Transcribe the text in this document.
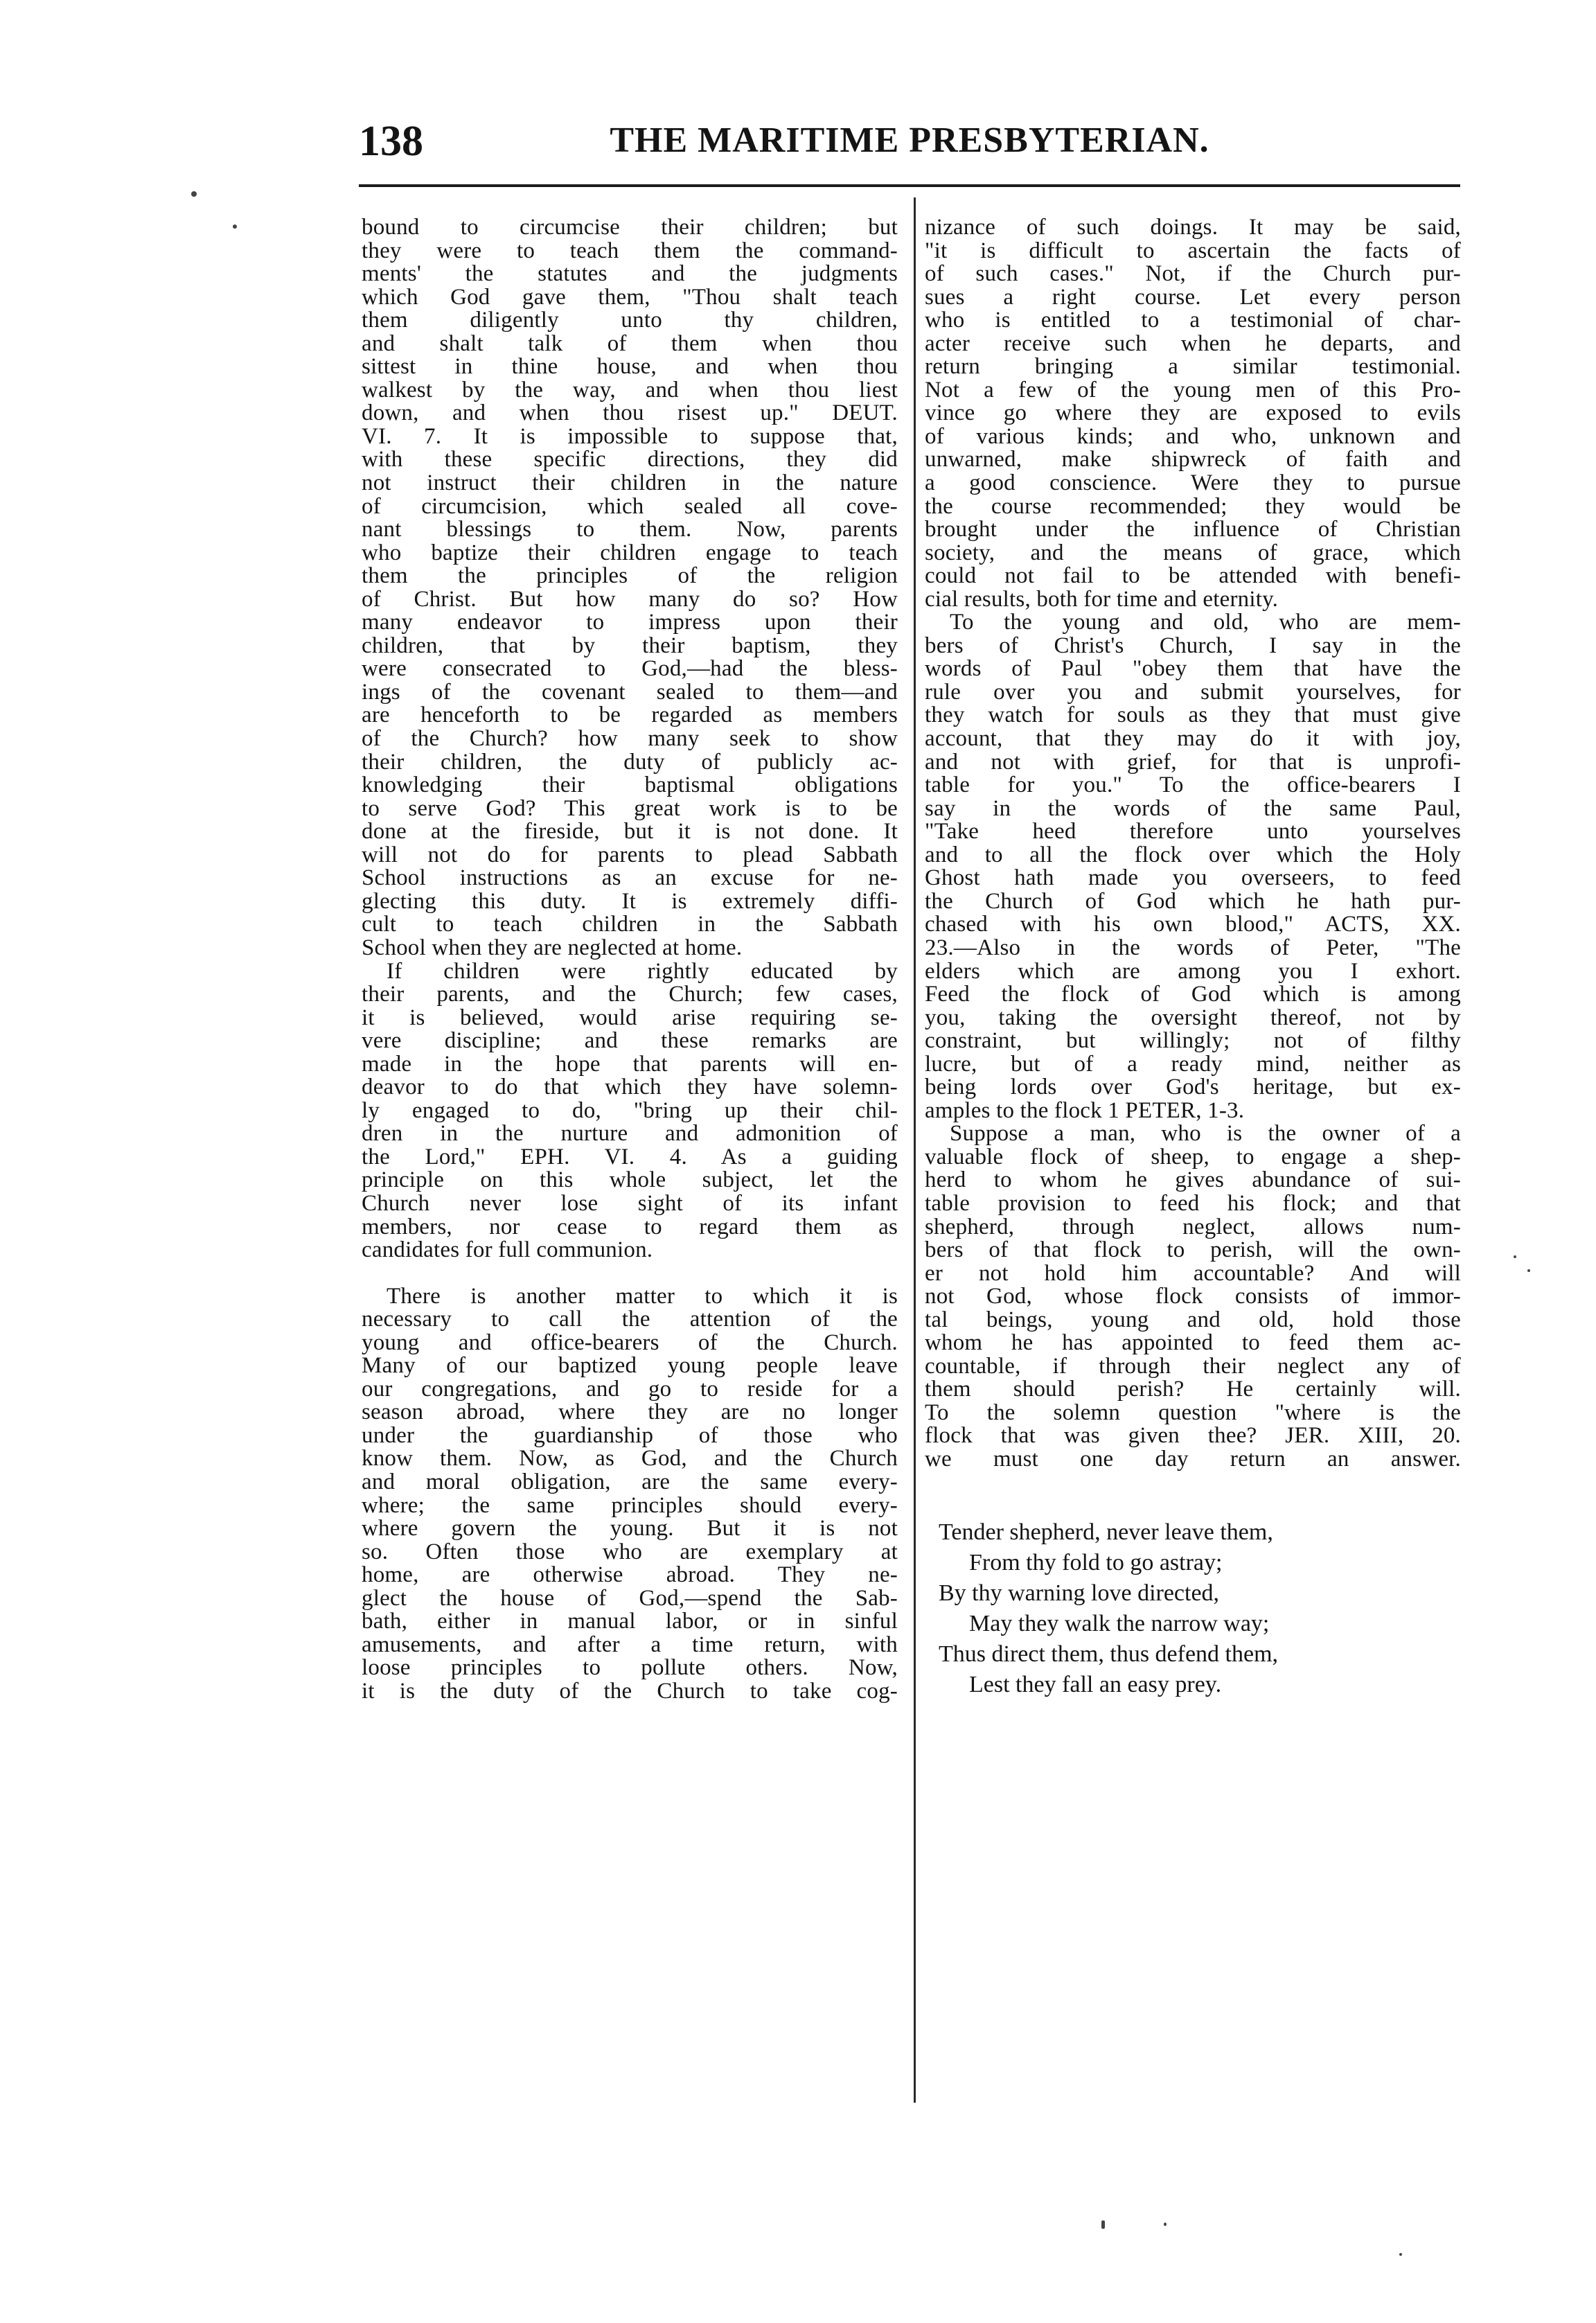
138	THE MARITIME PRESBYTERIAN.
bound to circumcise their children; but
they were to teach them the command-
ments' the statutes and the judgments
which God gave them, "Thou shalt teach
them diligently unto thy children,
and shalt talk of them when thou
sittest in thine house, and when thou
walkest by the way, and when thou liest
down, and when thou risest up." DEUT.
VI. 7. It is impossible to suppose that,
with these specific directions, they did
not instruct their children in the nature
of circumcision, which sealed all cove-
nant blessings to them. Now, parents
who baptize their children engage to teach
them the principles of the religion
of Christ. But how many do so? How
many endeavor to impress upon their
children, that by their baptism, they
were consecrated to God,—had the bless-
ings of the covenant sealed to them—and
are henceforth to be regarded as members
of the Church? how many seek to show
their children, the duty of publicly ac-
knowledging their baptismal obligations
to serve God? This great work is to be
done at the fireside, but it is not done. It
will not do for parents to plead Sabbath
School instructions as an excuse for ne-
glecting this duty. It is extremely diffi-
cult to teach children in the Sabbath
School when they are neglected at home.
If children were rightly educated by
their parents, and the Church; few cases,
it is believed, would arise requiring se-
vere discipline; and these remarks are
made in the hope that parents will en-
deavor to do that which they have solemn-
ly engaged to do, "bring up their chil-
dren in the nurture and admonition of
the Lord," EPH. VI. 4. As a guiding
principle on this whole subject, let the
Church never lose sight of its infant
members, nor cease to regard them as
candidates for full communion.
There is another matter to which it is
necessary to call the attention of the
young and office-bearers of the Church.
Many of our baptized young people leave
our congregations, and go to reside for a
season abroad, where they are no longer
under the guardianship of those who
know them. Now, as God, and the Church
and moral obligation, are the same every-
where; the same principles should every-
where govern the young. But it is not
so. Often those who are exemplary at
home, are otherwise abroad. They ne-
glect the house of God,—spend the Sab-
bath, either in manual labor, or in sinful
amusements, and after a time return, with
loose principles to pollute others. Now,
it is the duty of the Church to take cog-
nizance of such doings. It may be said,
"it is difficult to ascertain the facts of
of such cases." Not, if the Church pur-
sues a right course. Let every person
who is entitled to a testimonial of char-
acter receive such when he departs, and
return bringing a similar testimonial.
Not a few of the young men of this Pro-
vince go where they are exposed to evils
of various kinds; and who, unknown and
unwarned, make shipwreck of faith and
a good conscience. Were they to pursue
the course recommended; they would be
brought under the influence of Christian
society, and the means of grace, which
could not fail to be attended with benefi-
cial results, both for time and eternity.
To the young and old, who are mem-
bers of Christ's Church, I say in the
words of Paul "obey them that have the
rule over you and submit yourselves, for
they watch for souls as they that must give
account, that they may do it with joy,
and not with grief, for that is unprofi-
table for you." To the office-bearers I
say in the words of the same Paul,
"Take heed therefore unto yourselves
and to all the flock over which the Holy
Ghost hath made you overseers, to feed
the Church of God which he hath pur-
chased with his own blood," ACTS, XX.
23.—Also in the words of Peter, "The
elders which are among you I exhort.
Feed the flock of God which is among
you, taking the oversight thereof, not by
constraint, but willingly; not of filthy
lucre, but of a ready mind, neither as
being lords over God's heritage, but ex-
amples to the flock 1 PETER, 1-3.
Suppose a man, who is the owner of a
valuable flock of sheep, to engage a shep-
herd to whom he gives abundance of sui-
table provision to feed his flock; and that
shepherd, through neglect, allows num-
bers of that flock to perish, will the own-
er not hold him accountable? And will
not God, whose flock consists of immor-
tal beings, young and old, hold those
whom he has appointed to feed them ac-
countable, if through their neglect any of
them should perish? He certainly will.
To the solemn question "where is the
flock that was given thee? JER. XIII, 20.
we must one day return an answer.
Tender shepherd, never leave them,
From thy fold to go astray;
By thy warning love directed,
May they walk the narrow way;
Thus direct them, thus defend them,
Lest they fall an easy prey.
